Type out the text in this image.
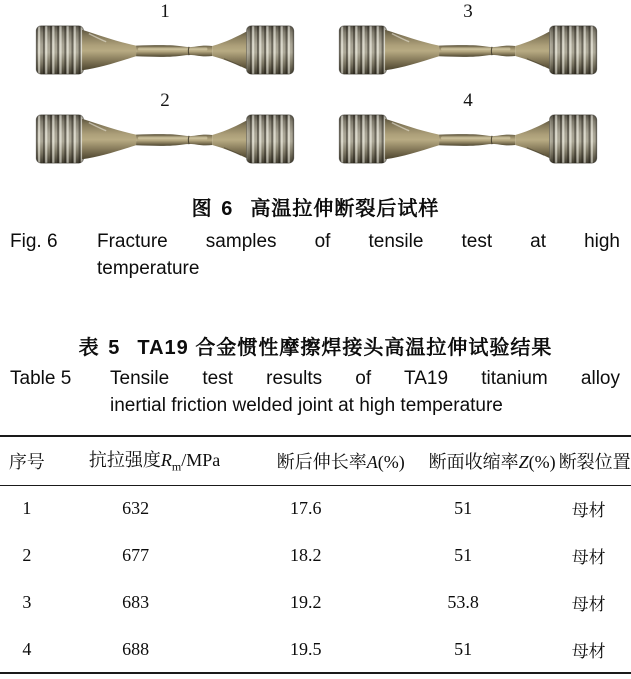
1	3
2	4
图 6 高温拉伸断裂后试样
Fig. 6	Fracture samples of tensile test at high
temperature
表 5 TA19 合金惯性摩擦焊接头高温拉伸试验结果
Table 5	Tensile test results of TA19 titanium alloy
inertial friction welded joint at high temperature
序号	抗拉强度$R_m$/MPa	断后伸长率A(%)	断面收缩率Z(%)	断裂位置
1	632	17.6	51	母材
2	677	18.2	51	母材
3	683	19.2	53.8	母材
4	688	19.5	51	母材
